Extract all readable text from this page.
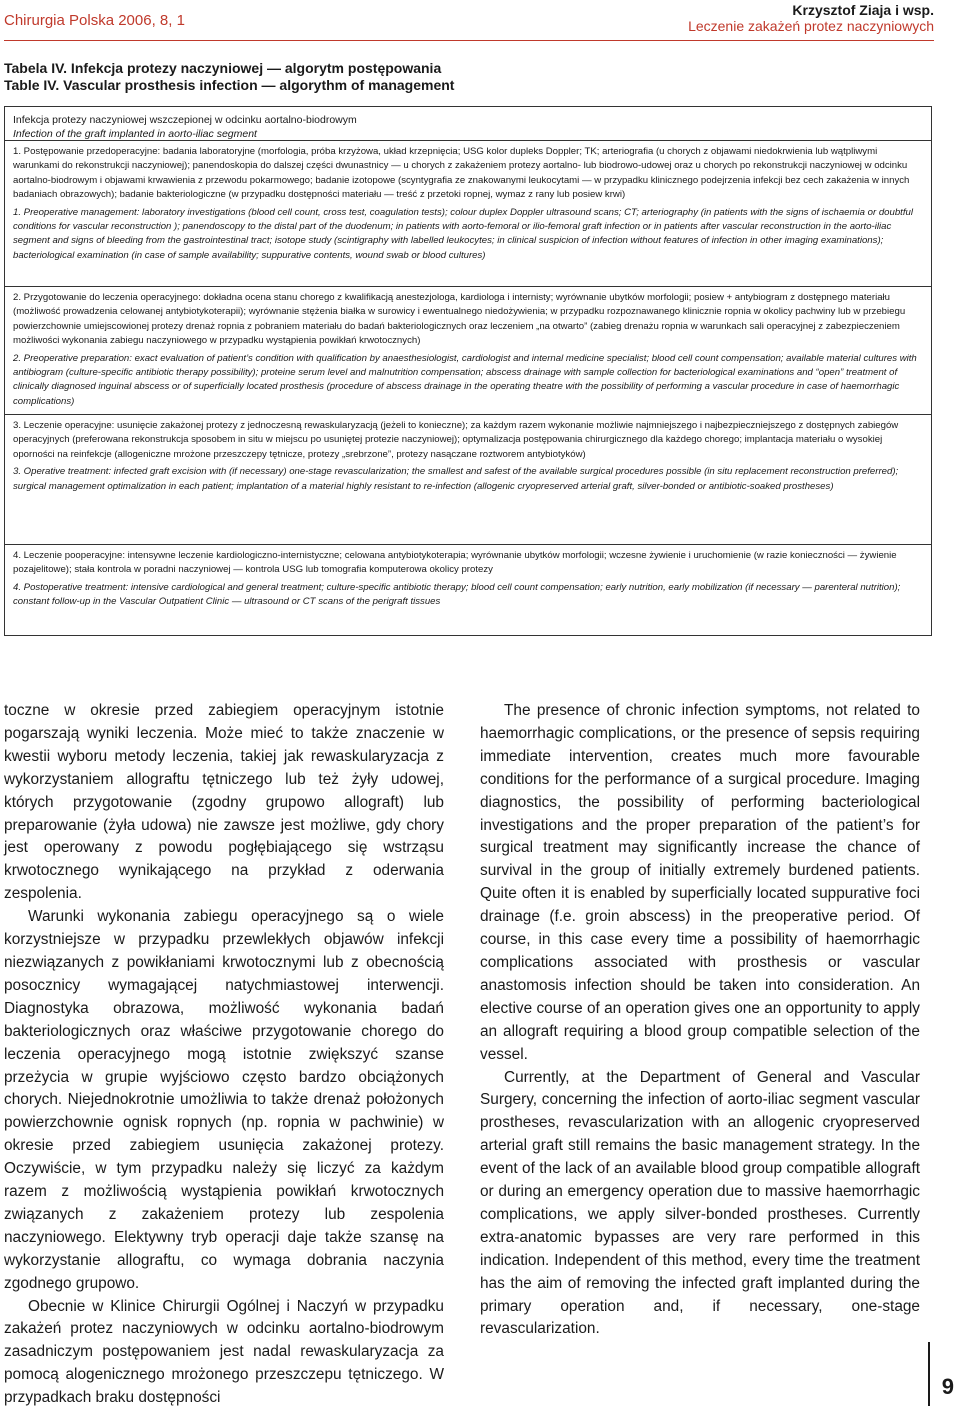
Chirurgia Polska 2006, 8, 1
Krzysztof Ziaja i wsp.
Leczenie zakażeń protez naczyniowych
Tabela IV. Infekcja protezy naczyniowej — algorytm postępowania
Table IV. Vascular prosthesis infection — algorythm of management
Infekcja protezy naczyniowej wszczepionej w odcinku aortalno-biodrowym
Infection of the graft implanted in aorto-iliac segment

1. Postępowanie przedoperacyjne: badania laboratoryjne (morfologia, próba krzyżowa, układ krzepnięcia; USG kolor dupleks Doppler; TK; arteriografia (u chorych z objawami niedokrwienia lub wątpliwymi warunkami do rekonstrukcji naczyniowej); panendoskopia do dalszej części dwunastnicy — u chorych z zakażeniem protezy aortalno- lub biodrowo-udowej oraz u chorych po rekonstrukcji naczyniowej w odcinku aortalno-biodrowym i objawami krwawienia z przewodu pokarmowego; badanie izotopowe (scyntygrafia ze znakowanymi leukocytami — w przypadku klinicznego podejrzenia infekcji bez cech zakażenia w innych badaniach obrazowych); badanie bakteriologiczne (w przypadku dostępności materiału — treść z przetoki ropnej, wymaz z rany lub posiew krwi)

1. Preoperative management: laboratory investigations (blood cell count, cross test, coagulation tests); colour duplex Doppler ultrasound scans; CT; arteriography (in patients with the signs of ischaemia or doubtful conditions for vascular reconstruction ); panendoscopy to the distal part of the duodenum; in patients with aorto-femoral or ilio-femoral graft infection or in patients after vascular reconstruction in the aorto-iliac segment and signs of bleeding from the gastrointestinal tract; isotope study (scintigraphy with labelled leukocytes; in clinical suspicion of infection without features of infection in other imaging examinations); bacteriological examination (in case of sample availability; suppurative contents, wound swab or blood cultures)

2. Przygotowanie do leczenia operacyjnego: dokładna ocena stanu chorego z kwalifikacją anestezjologa, kardiologa i internisty; wyrównanie ubytków morfologii; posiew + antybiogram z dostępnego materiału (możliwość prowadzenia celowanej antybiotykoterapii); wyrównanie stężenia białka w surowicy i ewentualnego niedożywienia; w przypadku rozpoznawanego klinicznie ropnia w okolicy pachwiny lub w przebiegu powierzchownie umiejscowionej protezy drenaż ropnia z pobraniem materiału do badań bakteriologicznych oraz leczeniem „na otwarto” (zabieg drenażu ropnia w warunkach sali operacyjnej z zabezpieczeniem możliwości wykonania zabiegu naczyniowego w przypadku wystąpienia powikłań krwotocznych)

2. Preoperative preparation: exact evaluation of patient’s condition with qualification by anaesthesiologist, cardiologist and internal medicine specialist; blood cell count compensation; available material cultures with antibiogram (culture-specific antibiotic therapy possibility); proteine serum level and malnutrition compensation; abscess drainage with sample collection for bacteriological examinations and “open” treatment of clinically diagnosed inguinal abscess or of superficially located prosthesis (procedure of abscess drainage in the operating theatre with the possibility of performing a vascular procedure in case of haemorrhagic complications)

3. Leczenie operacyjne: usunięcie zakażonej protezy z jednoczesną rewaskularyzacją (jeżeli to konieczne); za każdym razem wykonanie możliwie najmniejszego i najbezpieczniejszego z dostępnych zabiegów operacyjnych (preferowana rekonstrukcja sposobem in situ w miejscu po usuniętej protezie naczyniowej); optymalizacja postępowania chirurgicznego dla każdego chorego; implantacja materiału o wysokiej oporności na reinfekcje (allogeniczne mrożone przeszczepy tętnicze, protezy „srebrzone”, protezy nasączane roztworem antybiotyków)

3. Operative treatment: infected graft excision with (if necessary) one-stage revascularization; the smallest and safest of the available surgical procedures possible (in situ replacement reconstruction preferred); surgical management optimalization in each patient; implantation of a material highly resistant to re-infection (allogenic cryopreserved arterial graft, silver-bonded or antibiotic-soaked prostheses)

4. Leczenie pooperacyjne: intensywne leczenie kardiologiczno-internistyczne; celowana antybiotykoterapia; wyrównanie ubytków morfologii; wczesne żywienie i uruchomienie (w razie konieczności — żywienie pozajelitowe); stała kontrola w poradni naczyniowej — kontrola USG lub tomografia komputerowa okolicy protezy

4. Postoperative treatment: intensive cardiological and general treatment; culture-specific antibiotic therapy; blood cell count compensation; early nutrition, early mobilization (if necessary — parenteral nutrition); constant follow-up in the Vascular Outpatient Clinic — ultrasound or CT scans of the perigraft tissues

toczne w okresie przed zabiegiem operacyjnym istotnie pogarszają wyniki leczenia. Może mieć to także znaczenie w kwestii wyboru metody leczenia, takiej jak rewaskularyzacja z wykorzystaniem allograftu tętniczego lub też żyły udowej, których przygotowanie (zgodny grupowo allograft) lub preparowanie (żyła udowa) nie zawsze jest możliwe, gdy chory jest operowany z powodu pogłębiającego się wstrząsu krwotocznego wynikającego na przykład z oderwania zespolenia.

Warunki wykonania zabiegu operacyjnego są o wiele korzystniejsze w przypadku przewlekłych objawów infekcji niezwiązanych z powikłaniami krwotocznymi lub z obecnością posocznicy wymagającej natychmiastowej interwencji. Diagnostyka obrazowa, możliwość wykonania badań bakteriologicznych oraz właściwe przygotowanie chorego do leczenia operacyjnego mogą istotnie zwiększyć szanse przeżycia w grupie wyjściowo często bardzo obciążonych chorych. Niejednokrotnie umożliwia to także drenaż położonych powierzchownie ognisk ropnych (np. ropnia w pachwinie) w okresie przed zabiegiem usunięcia zakażonej protezy. Oczywiście, w tym przypadku należy się liczyć za każdym razem z możliwością wystąpienia powikłań krwotocznych związanych z zakażeniem protezy lub zespolenia naczyniowego. Elektywny tryb operacji daje także szansę na wykorzystanie allograftu, co wymaga dobrania naczynia zgodnego grupowo.

Obecnie w Klinice Chirurgii Ogólnej i Naczyń w przypadku zakażeń protez naczyniowych w odcinku aortalno-biodrowym zasadniczym postępowaniem jest nadal rewaskularyzacja za pomocą alogenicznego mrożonego przeszczepu tętniczego. W przypadkach braku dostępności

The presence of chronic infection symptoms, not related to haemorrhagic complications, or the presence of sepsis requiring immediate intervention, creates much more favourable conditions for the performance of a surgical procedure. Imaging diagnostics, the possibility of performing bacteriological investigations and the proper preparation of the patient’s for surgical treatment may significantly increase the chance of survival in the group of initially extremely burdened patients. Quite often it is enabled by superficially located suppurative foci drainage (f.e. groin abscess) in the preoperative period. Of course, in this case every time a possibility of haemorrhagic complications associated with prosthesis or vascular anastomosis infection should be taken into consideration. An elective course of an operation gives one an opportunity to apply an allograft requiring a blood group compatible selection of the vessel.

Currently, at the Department of General and Vascular Surgery, concerning the infection of aorto-iliac segment vascular prostheses, revascularization with an allogenic cryopreserved arterial graft still remains the basic management strategy. In the event of the lack of an available blood group compatible allograft or during an emergency operation due to massive haemorrhagic complications, we apply silver-bonded prostheses. Currently extra-anatomic bypasses are very rare performed in this indication. Independent of this method, every time the treatment has the aim of removing the infected graft implanted during the primary operation and, if necessary, one-stage revascularization.

9
